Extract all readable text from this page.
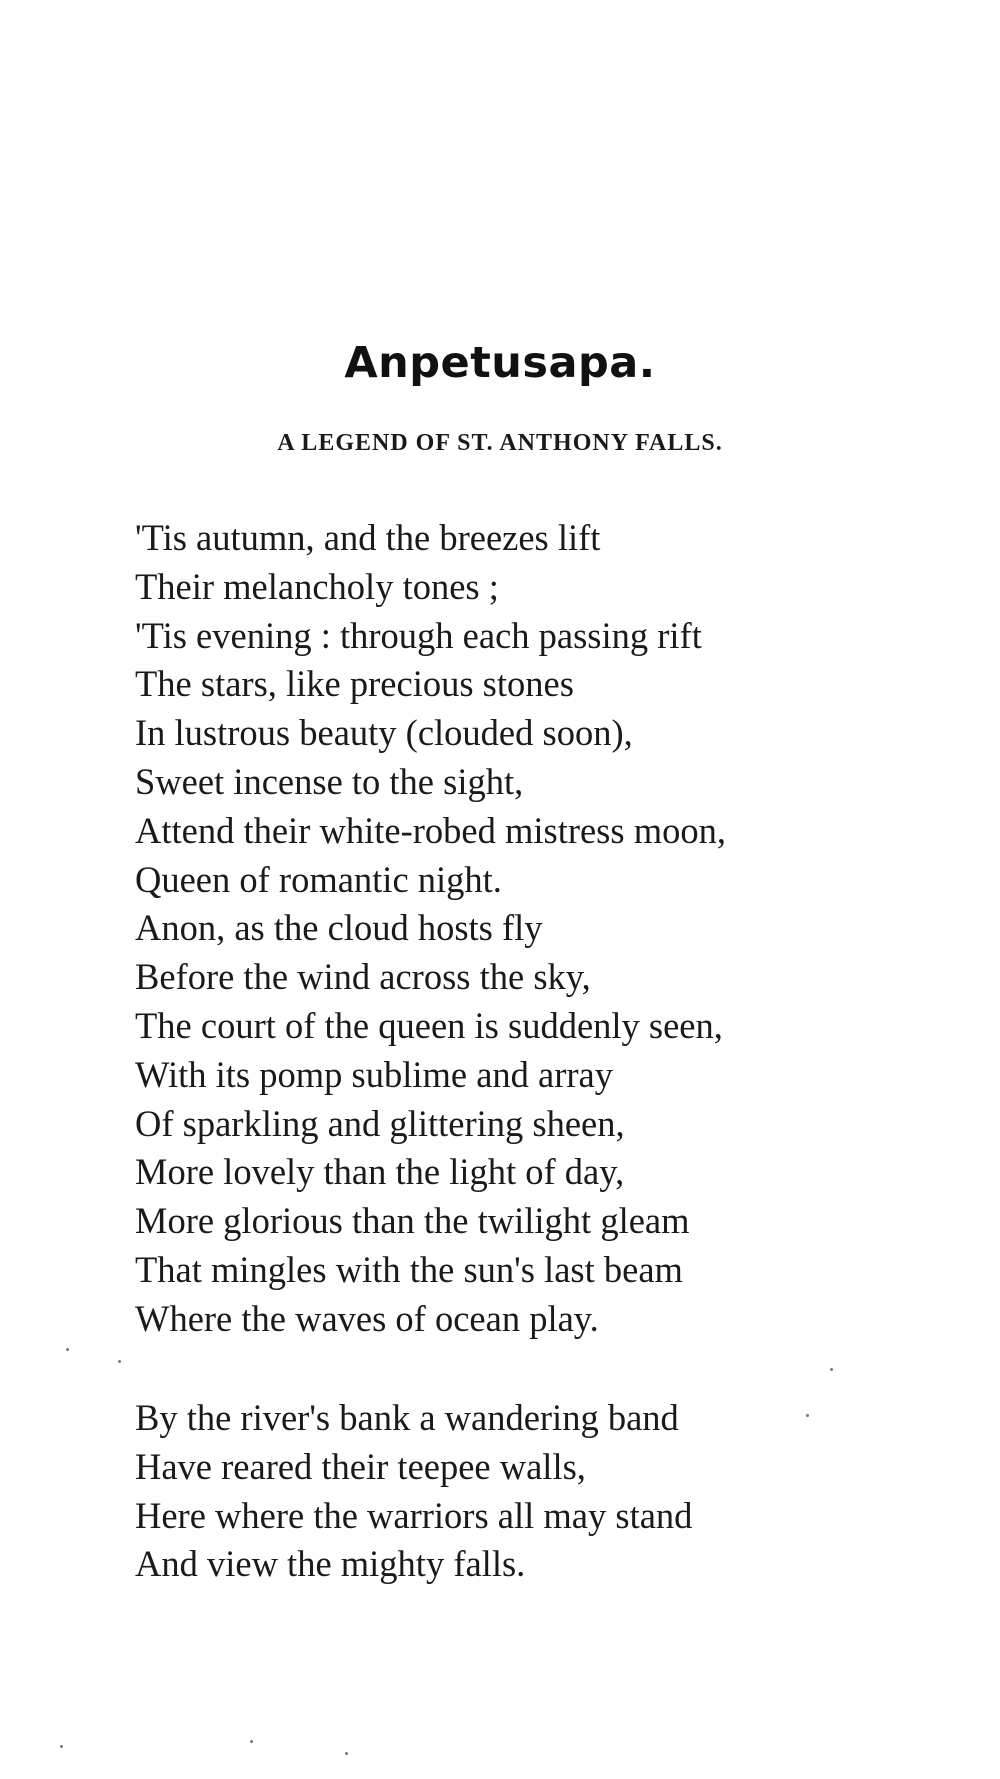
Anpetusapa.
A LEGEND OF ST. ANTHONY FALLS.
'Tis autumn, and the breezes lift
Their melancholy tones ;
'Tis evening : through each passing rift
The stars, like precious stones
In lustrous beauty (clouded soon),
Sweet incense to the sight,
Attend their white-robed mistress moon,
Queen of romantic night.
Anon, as the cloud hosts fly
Before the wind across the sky,
The court of the queen is suddenly seen,
With its pomp sublime and array
Of sparkling and glittering sheen,
More lovely than the light of day,
More glorious than the twilight gleam
That mingles with the sun's last beam
Where the waves of ocean play.
By the river's bank a wandering band
Have reared their teepee walls,
Here where the warriors all may stand
And view the mighty falls.
